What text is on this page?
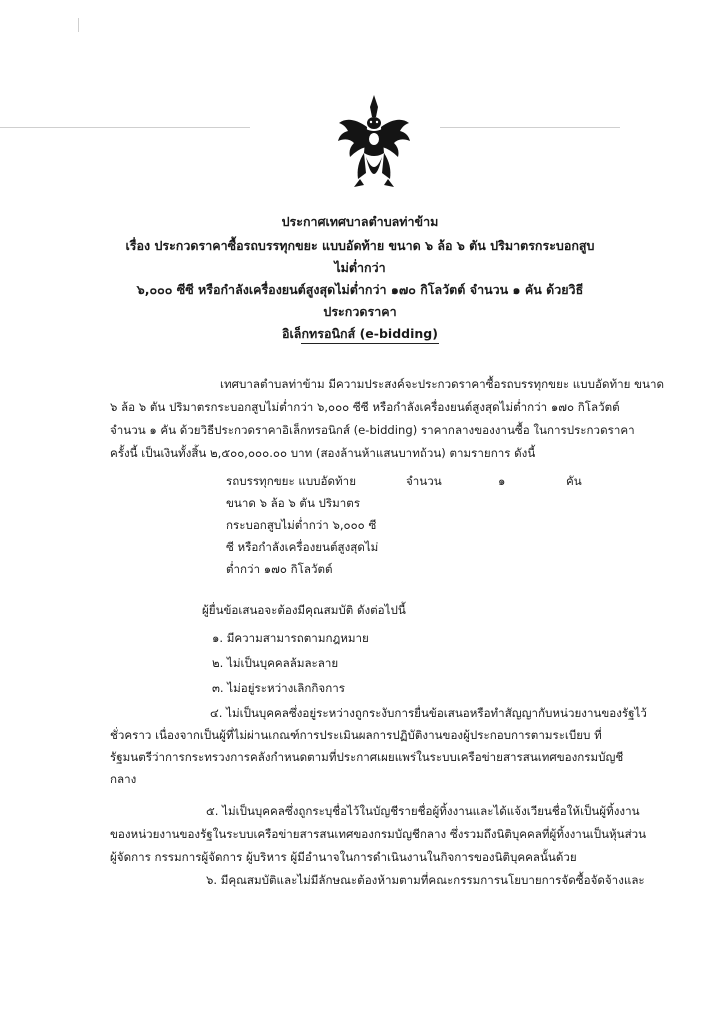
ประกาศเทศบาลตำบลท่าข้าม
เรื่อง ประกวดราคาซื้อรถบรรทุกขยะ แบบอัดท้าย ขนาด ๖ ล้อ ๖ ตัน ปริมาตรกระบอกสูบไม่ต่ำกว่า
๖,๐๐๐ ซีซี หรือกำลังเครื่องยนต์สูงสุดไม่ต่ำกว่า ๑๗๐ กิโลวัตต์ จำนวน ๑ คัน ด้วยวิธีประกวดราคา
อิเล็กทรอนิกส์ (e-bidding)
เทศบาลตำบลท่าข้าม มีความประสงค์จะประกวดราคาซื้อรถบรรทุกขยะ แบบอัดท้าย ขนาด
๖ ล้อ ๖ ตัน ปริมาตรกระบอกสูบไม่ต่ำกว่า ๖,๐๐๐ ซีซี หรือกำลังเครื่องยนต์สูงสุดไม่ต่ำกว่า ๑๗๐ กิโลวัตต์
จำนวน ๑ คัน ด้วยวิธีประกวดราคาอิเล็กทรอนิกส์ (e-bidding) ราคากลางของงานซื้อ ในการประกวดราคา
ครั้งนี้ เป็นเงินทั้งสิ้น ๒,๕๐๐,๐๐๐.๐๐ บาท (สองล้านห้าแสนบาทถ้วน) ตามรายการ ดังนี้
รถบรรทุกขยะ แบบอัดท้าย
ขนาด ๖ ล้อ ๖ ตัน ปริมาตร
กระบอกสูบไม่ต่ำกว่า ๖,๐๐๐ ซี
ซี หรือกำลังเครื่องยนต์สูงสุดไม่
ต่ำกว่า ๑๗๐ กิโลวัตต์
จำนวน	๑	คัน
ผู้ยื่นข้อเสนอจะต้องมีคุณสมบัติ ดังต่อไปนี้
๑. มีความสามารถตามกฎหมาย
๒. ไม่เป็นบุคคลล้มละลาย
๓. ไม่อยู่ระหว่างเลิกกิจการ
๔. ไม่เป็นบุคคลซึ่งอยู่ระหว่างถูกระงับการยื่นข้อเสนอหรือทำสัญญากับหน่วยงานของรัฐไว้
ชั่วคราว เนื่องจากเป็นผู้ที่ไม่ผ่านเกณฑ์การประเมินผลการปฏิบัติงานของผู้ประกอบการตามระเบียบ ที่
รัฐมนตรีว่าการกระทรวงการคลังกำหนดตามที่ประกาศเผยแพร่ในระบบเครือข่ายสารสนเทศของกรมบัญชี
กลาง
๕. ไม่เป็นบุคคลซึ่งถูกระบุชื่อไว้ในบัญชีรายชื่อผู้ทิ้งงานและได้แจ้งเวียนชื่อให้เป็นผู้ทิ้งงาน
ของหน่วยงานของรัฐในระบบเครือข่ายสารสนเทศของกรมบัญชีกลาง ซึ่งรวมถึงนิติบุคคลที่ผู้ทิ้งงานเป็นหุ้นส่วน
ผู้จัดการ กรรมการผู้จัดการ ผู้บริหาร ผู้มีอำนาจในการดำเนินงานในกิจการของนิติบุคคลนั้นด้วย
๖. มีคุณสมบัติและไม่มีลักษณะต้องห้ามตามที่คณะกรรมการนโยบายการจัดซื้อจัดจ้างและ
